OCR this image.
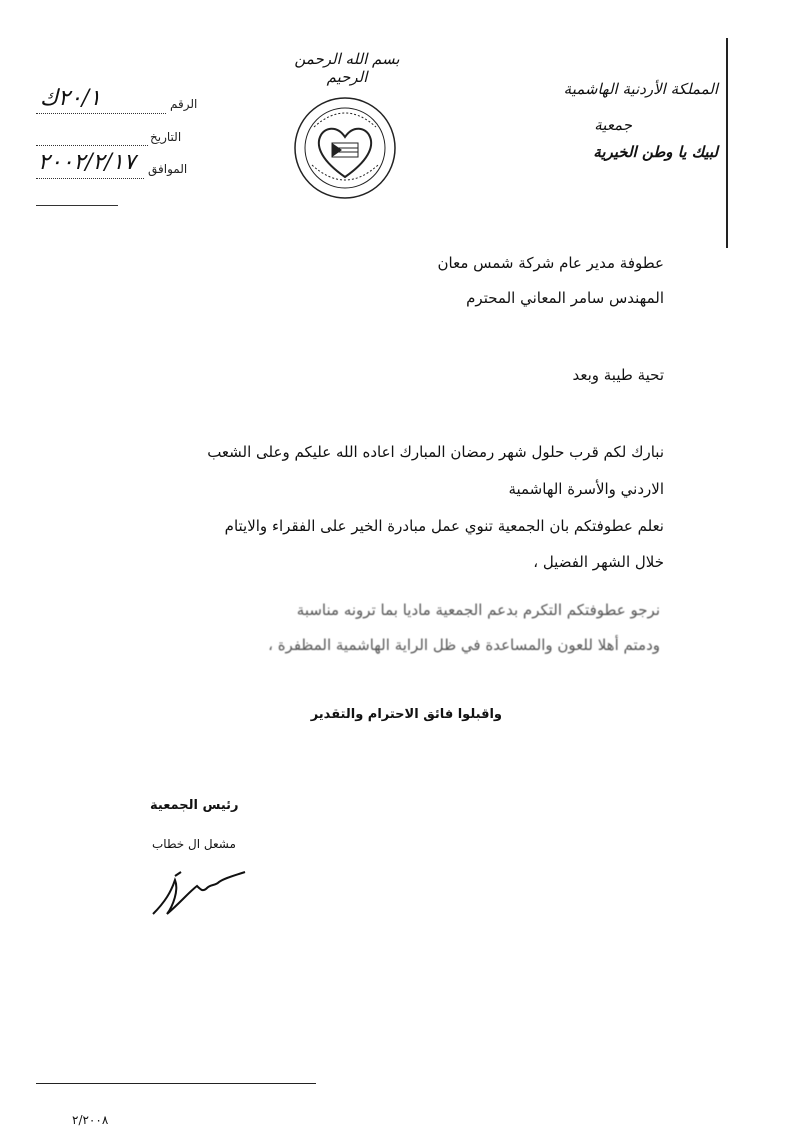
المملكة الأردنية الهاشمية
جمعية
لبيك يا وطن الخيرية
بسم الله الرحمن الرحيم
الرقم
٢٠/١ك
التاريخ
الموافق
٢٠٠٢/٢/١٧
عطوفة مدير عام شركة شمس معان
المهندس سامر المعاني المحترم
تحية طيبة وبعد
نبارك لكم قرب حلول شهر رمضان المبارك اعاده الله عليكم وعلى الشعب
الاردني والأسرة الهاشمية
نعلم عطوفتكم بان الجمعية تنوي عمل مبادرة الخير على الفقراء والايتام
خلال الشهر الفضيل ،
نرجو عطوفتكم التكرم بدعم الجمعية ماديا بما ترونه مناسبة
ودمتم أهلا للعون والمساعدة في ظل الراية الهاشمية المظفرة ،
واقبلوا فائق الاحترام والتقدير
رئيس الجمعية
مشعل ال خطاب
٢/٢٠٠٨
